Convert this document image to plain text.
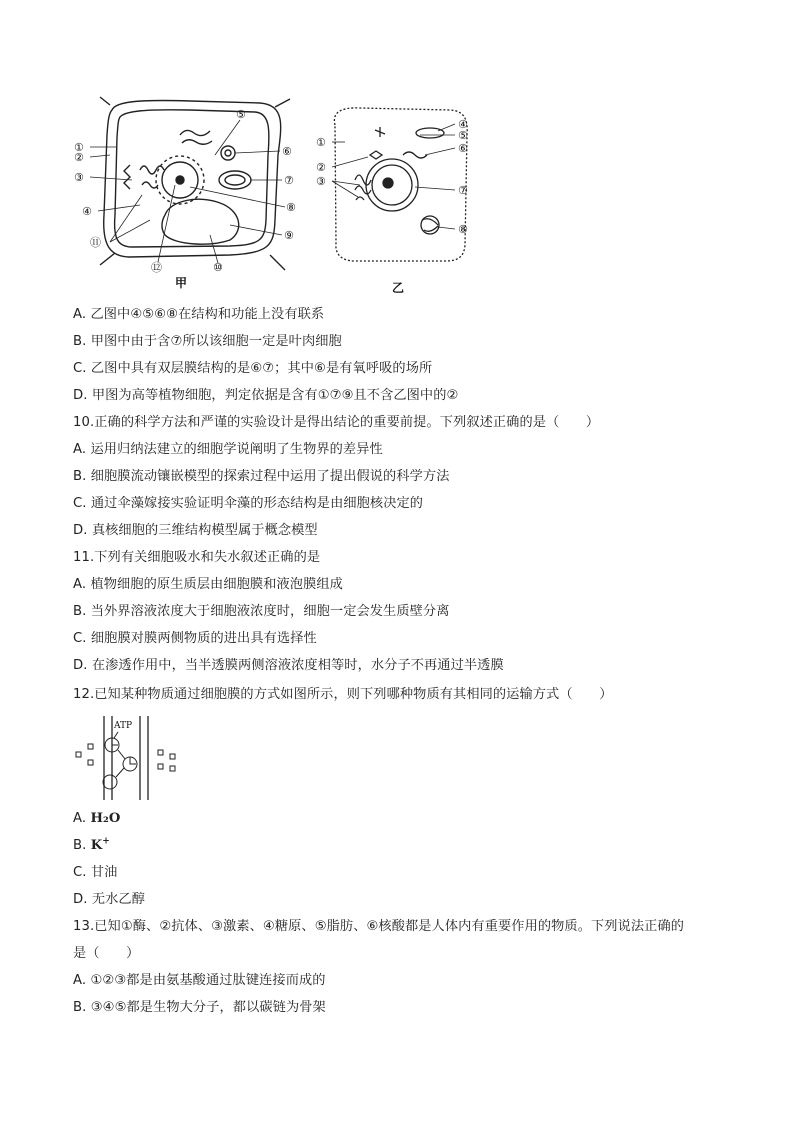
①
②
③
④
⑪
⑤
⑥
⑦
⑧
⑨
⑫	⑩
甲
①
②
③
④
⑤
⑥
⑦
⑧
乙
A. 乙图中④⑤⑥⑧在结构和功能上没有联系
B. 甲图中由于含⑦所以该细胞一定是叶肉细胞
C. 乙图中具有双层膜结构的是⑥⑦；其中⑥是有氧呼吸的场所
D. 甲图为高等植物细胞，判定依据是含有①⑦⑨且不含乙图中的②
10.正确的科学方法和严谨的实验设计是得出结论的重要前提。下列叙述正确的是（　　）
A. 运用归纳法建立的细胞学说阐明了生物界的差异性
B. 细胞膜流动镶嵌模型的探索过程中运用了提出假说的科学方法
C. 通过伞藻嫁接实验证明伞藻的形态结构是由细胞核决定的
D. 真核细胞的三维结构模型属于概念模型
11.下列有关细胞吸水和失水叙述正确的是
A. 植物细胞的原生质层由细胞膜和液泡膜组成
B. 当外界溶液浓度大于细胞液浓度时，细胞一定会发生质壁分离
C. 细胞膜对膜两侧物质的进出具有选择性
D. 在渗透作用中，当半透膜两侧溶液浓度相等时，水分子不再通过半透膜
12.已知某种物质通过细胞膜的方式如图所示，则下列哪种物质有其相同的运输方式（　　）
ATP
A. H₂O
B. K+
C. 甘油
D. 无水乙醇
13.已知①酶、②抗体、③激素、④糖原、⑤脂肪、⑥核酸都是人体内有重要作用的物质。下列说法正确的
是（　　）
A. ①②③都是由氨基酸通过肽键连接而成的
B. ③④⑤都是生物大分子，都以碳链为骨架
